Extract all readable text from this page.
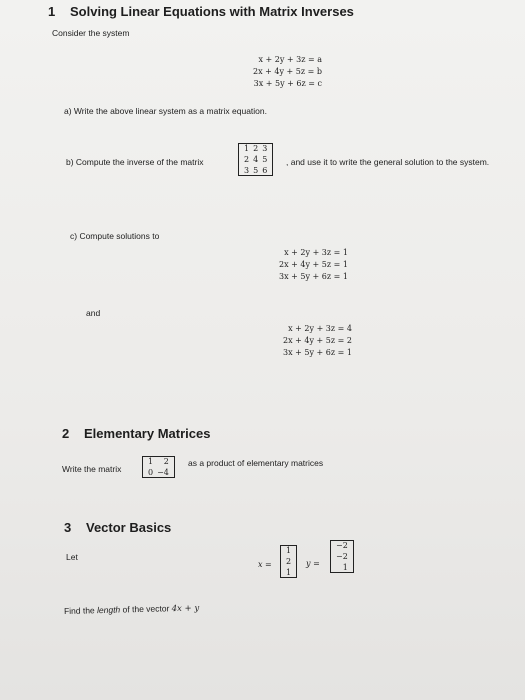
1 Solving Linear Equations with Matrix Inverses
Consider the system
x + 2y + 3z = a
2x + 4y + 5z = b
3x + 5y + 6z = c
a) Write the above linear system as a matrix equation.
b) Compute the inverse of the matrix
1 2 3
2 4 5
3 5 6
, and use it to write the general solution to the system.
c) Compute solutions to
x + 2y + 3z = 1
2x + 4y + 5z = 1
3x + 5y + 6z = 1
and
x + 2y + 3z = 4
2x + 4y + 5z = 2
3x + 5y + 6z = 1
2 Elementary Matrices
Write the matrix
1	2
0 −4
as a product of elementary matrices
3 Vector Basics
Let
x =
1
2
1
y =
−2
−2
1
Find the length of the vector 4x + y
